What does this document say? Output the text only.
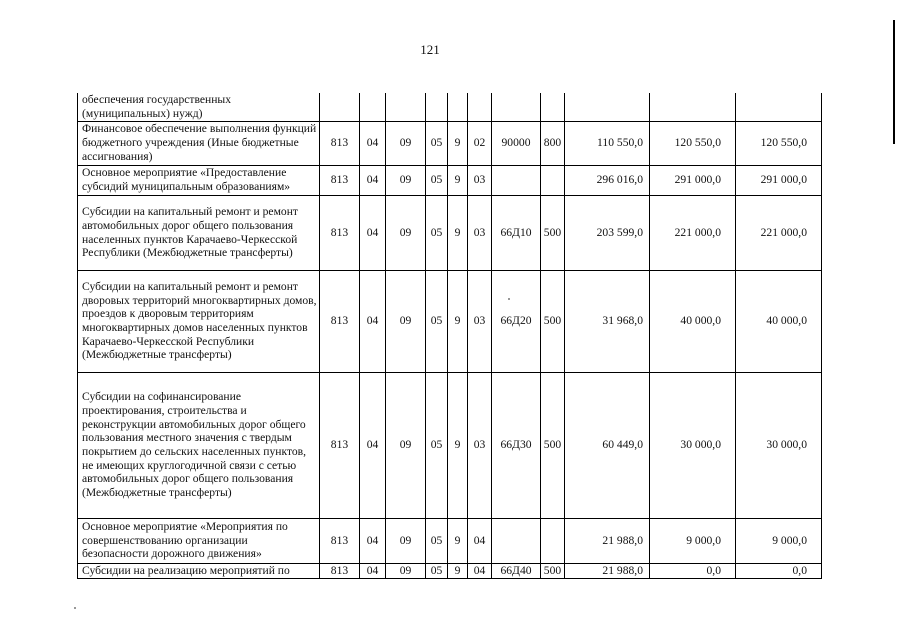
121
обеспечения государственных (муниципальных) нужд)											
Финансовое обеспечение выполнения функций бюджетного учреждения (Иные бюджетные ассигнования)	813	04	09	05	9	02	90000	800	110 550,0	120 550,0	120 550,0
Основное мероприятие «Предоставление субсидий муниципальным образованиям»	813	04	09	05	9	03			296 016,0	291 000,0	291 000,0
Субсидии на капитальный ремонт и ремонт автомобильных дорог общего пользования населенных пунктов Карачаево-Черкесской Республики (Межбюджетные трансферты)	813	04	09	05	9	03	66Д10	500	203 599,0	221 000,0	221 000,0
Субсидии на капитальный ремонт и ремонт дворовых территорий многоквартирных домов, проездов к дворовым территориям многоквартирных домов населенных пунктов Карачаево-Черкесской Республики (Межбюджетные трансферты)	813	04	09	05	9	03	66Д20	500	31 968,0	40 000,0	40 000,0
Субсидии на софинансирование проектирования, строительства и реконструкции автомобильных дорог общего пользования местного значения с твердым покрытием до сельских населенных пунктов, не имеющих круглогодичной связи с сетью автомобильных дорог общего пользования (Межбюджетные трансферты)	813	04	09	05	9	03	66Д30	500	60 449,0	30 000,0	30 000,0
Основное мероприятие «Мероприятия по совершенствованию организации безопасности дорожного движения»	813	04	09	05	9	04			21 988,0	9 000,0	9 000,0
Субсидии на реализацию мероприятий по	813	04	09	05	9	04	66Д40	500	21 988,0	0,0	0,0
